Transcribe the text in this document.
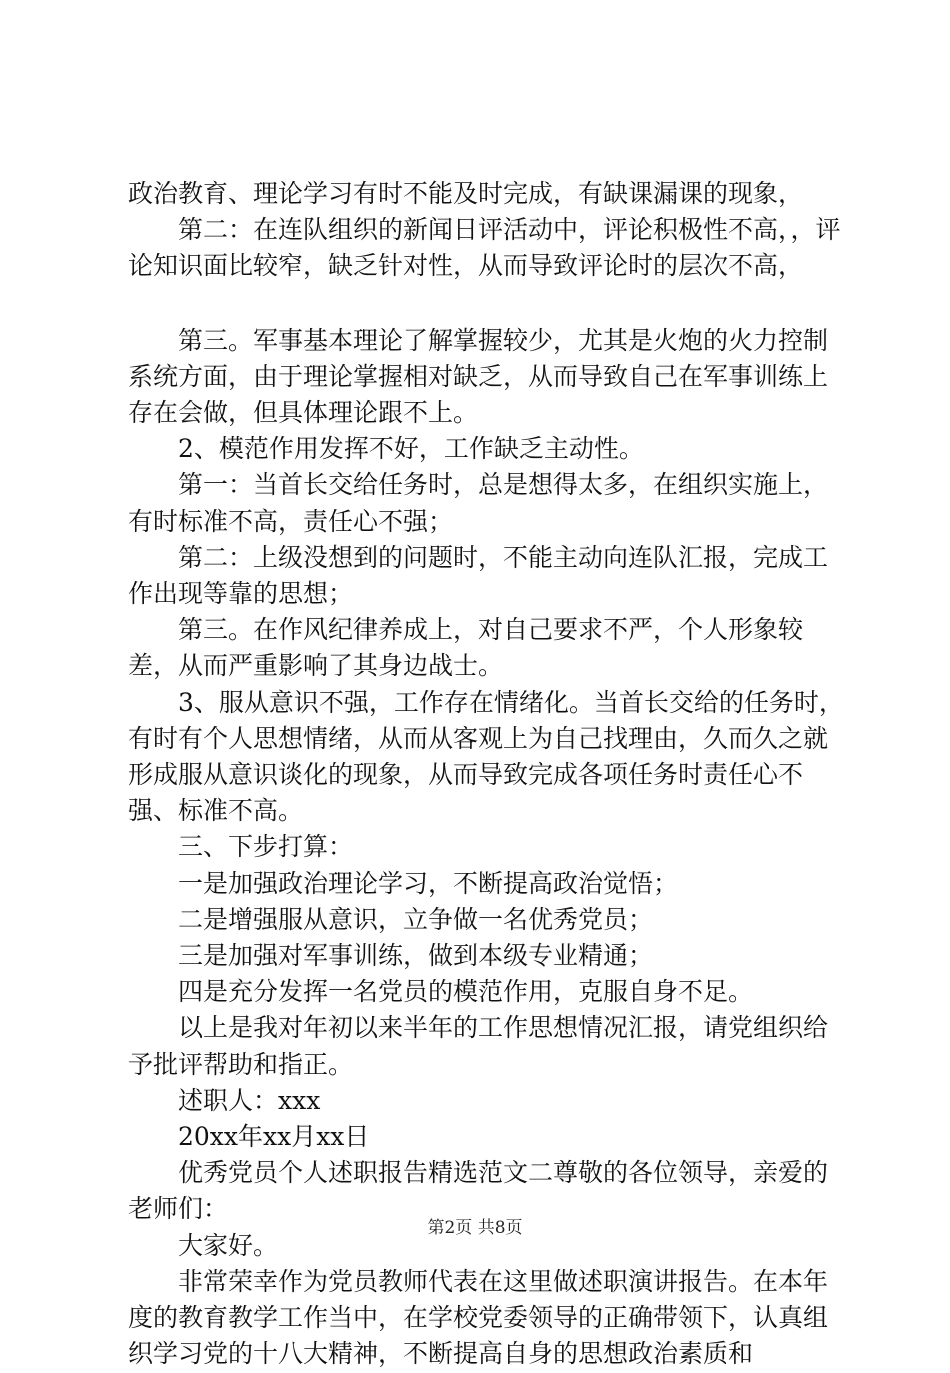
政治教育、理论学习有时不能及时完成，有缺课漏课的现象，

第二：在连队组织的新闻日评活动中，评论积极性不高，，评论知识面比较窄，缺乏针对性，从而导致评论时的层次不高，

第三。军事基本理论了解掌握较少，尤其是火炮的火力控制系统方面，由于理论掌握相对缺乏，从而导致自己在军事训练上存在会做，但具体理论跟不上。

2、模范作用发挥不好，工作缺乏主动性。

第一：当首长交给任务时，总是想得太多，在组织实施上，有时标准不高，责任心不强；

第二：上级没想到的问题时，不能主动向连队汇报，完成工作出现等靠的思想；

第三。在作风纪律养成上，对自己要求不严，个人形象较差，从而严重影响了其身边战士。

3、服从意识不强，工作存在情绪化。当首长交给的任务时，有时有个人思想情绪，从而从客观上为自己找理由，久而久之就形成服从意识谈化的现象，从而导致完成各项任务时责任心不强、标准不高。

三、下步打算：

一是加强政治理论学习，不断提高政治觉悟；

二是增强服从意识，立争做一名优秀党员；

三是加强对军事训练，做到本级专业精通；

四是充分发挥一名党员的模范作用，克服自身不足。

以上是我对年初以来半年的工作思想情况汇报，请党组织给予批评帮助和指正。

述职人：xxx

20xx年xx月xx日

优秀党员个人述职报告精选范文二尊敬的各位领导，亲爱的老师们：

大家好。

非常荣幸作为党员教师代表在这里做述职演讲报告。在本年度的教育教学工作当中，在学校党委领导的正确带领下，认真组织学习党的十八大精神，不断提高自身的思想政治素质和

第2页 共8页
